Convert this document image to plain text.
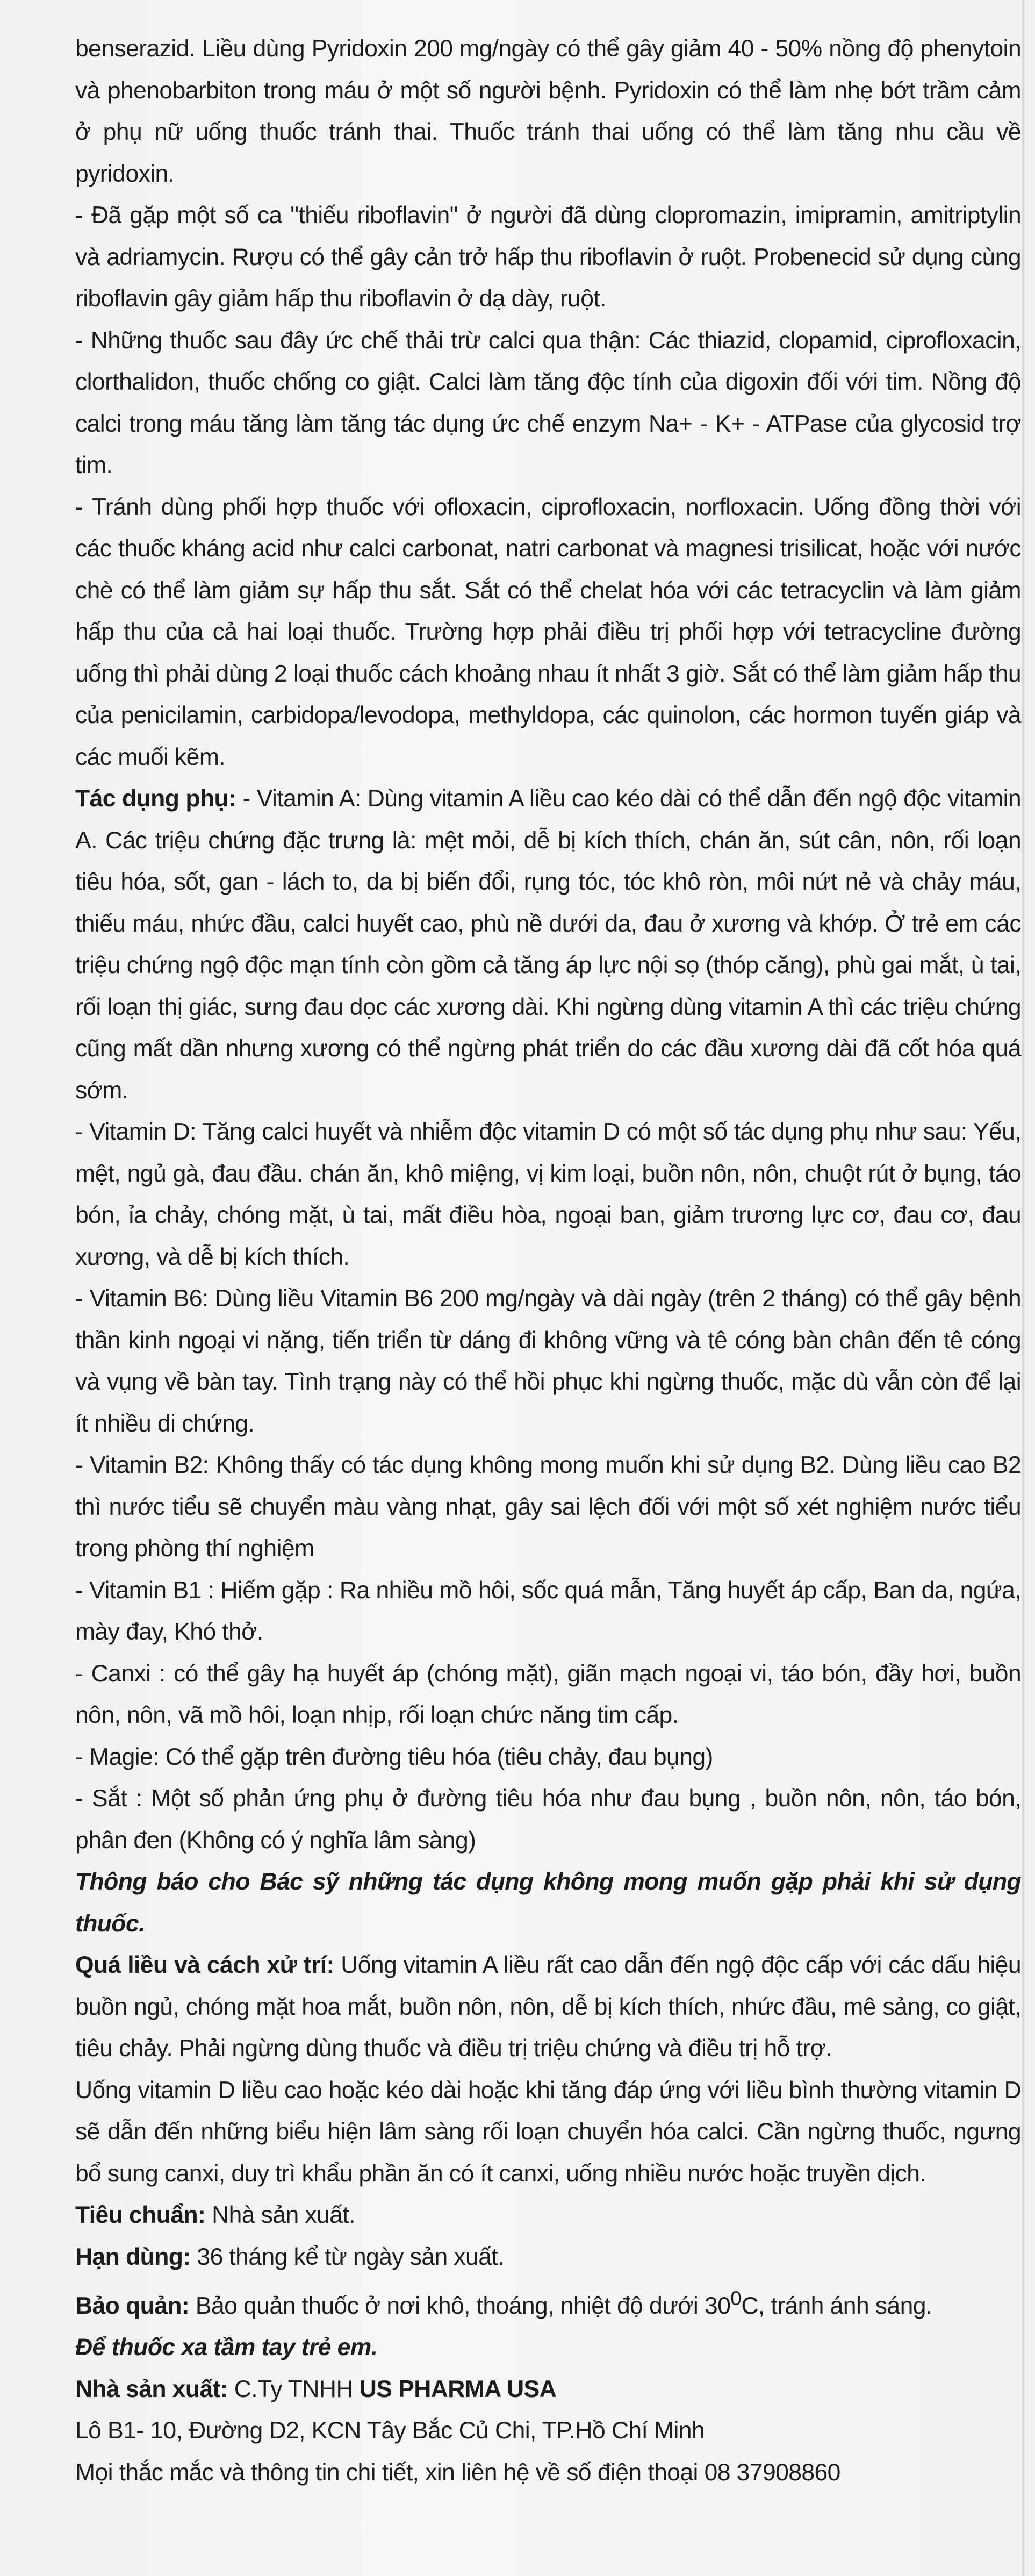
benserazid. Liều dùng Pyridoxin 200 mg/ngày có thể gây giảm 40 - 50% nồng độ phenytoin và phenobarbiton trong máu ở một số người bệnh. Pyridoxin có thể làm nhẹ bớt trầm cảm ở phụ nữ uống thuốc tránh thai. Thuốc tránh thai uống có thể làm tăng nhu cầu về pyridoxin.

- Đã gặp một số ca "thiếu riboflavin" ở người đã dùng clopromazin, imipramin, amitriptylin và adriamycin. Rượu có thể gây cản trở hấp thu riboflavin ở ruột. Probenecid sử dụng cùng riboflavin gây giảm hấp thu riboflavin ở dạ dày, ruột.

- Những thuốc sau đây ức chế thải trừ calci qua thận: Các thiazid, clopamid, ciprofloxacin, clorthalidon, thuốc chống co giật. Calci làm tăng độc tính của digoxin đối với tim. Nồng độ calci trong máu tăng làm tăng tác dụng ức chế enzym Na+ - K+ - ATPase của glycosid trợ tim.

- Tránh dùng phối hợp thuốc với ofloxacin, ciprofloxacin, norfloxacin. Uống đồng thời với các thuốc kháng acid như calci carbonat, natri carbonat và magnesi trisilicat, hoặc với nước chè có thể làm giảm sự hấp thu sắt. Sắt có thể chelat hóa với các tetracyclin và làm giảm hấp thu của cả hai loại thuốc. Trường hợp phải điều trị phối hợp với tetracycline đường uống thì phải dùng 2 loại thuốc cách khoảng nhau ít nhất 3 giờ. Sắt có thể làm giảm hấp thu của penicilamin, carbidopa/levodopa, methyldopa, các quinolon, các hormon tuyến giáp và các muối kẽm.

Tác dụng phụ: - Vitamin A: Dùng vitamin A liều cao kéo dài có thể dẫn đến ngộ độc vitamin A. Các triệu chứng đặc trưng là: mệt mỏi, dễ bị kích thích, chán ăn, sút cân, nôn, rối loạn tiêu hóa, sốt, gan - lách to, da bị biến đổi, rụng tóc, tóc khô ròn, môi nứt nẻ và chảy máu, thiếu máu, nhức đầu, calci huyết cao, phù nề dưới da, đau ở xương và khớp. Ở trẻ em các triệu chứng ngộ độc mạn tính còn gồm cả tăng áp lực nội sọ (thóp căng), phù gai mắt, ù tai, rối loạn thị giác, sưng đau dọc các xương dài. Khi ngừng dùng vitamin A thì các triệu chứng cũng mất dần nhưng xương có thể ngừng phát triển do các đầu xương dài đã cốt hóa quá sớm.

- Vitamin D: Tăng calci huyết và nhiễm độc vitamin D có một số tác dụng phụ như sau: Yếu, mệt, ngủ gà, đau đầu. chán ăn, khô miệng, vị kim loại, buồn nôn, nôn, chuột rút ở bụng, táo bón, ỉa chảy, chóng mặt, ù tai, mất điều hòa, ngoại ban, giảm trương lực cơ, đau cơ, đau xương, và dễ bị kích thích.

- Vitamin B6: Dùng liều Vitamin B6 200 mg/ngày và dài ngày (trên 2 tháng) có thể gây bệnh thần kinh ngoại vi nặng, tiến triển từ dáng đi không vững và tê cóng bàn chân đến tê cóng và vụng về bàn tay. Tình trạng này có thể hồi phục khi ngừng thuốc, mặc dù vẫn còn để lại ít nhiều di chứng.

- Vitamin B2: Không thấy có tác dụng không mong muốn khi sử dụng B2. Dùng liều cao B2 thì nước tiểu sẽ chuyển màu vàng nhạt, gây sai lệch đối với một số xét nghiệm nước tiểu trong phòng thí nghiệm

- Vitamin B1 : Hiếm gặp : Ra nhiều mồ hôi, sốc quá mẫn, Tăng huyết áp cấp, Ban da, ngứa, mày đay, Khó thở.

- Canxi : có thể gây hạ huyết áp (chóng mặt), giãn mạch ngoại vi, táo bón, đầy hơi, buồn nôn, nôn, vã mồ hôi, loạn nhịp, rối loạn chức năng tim cấp.

- Magie: Có thể gặp trên đường tiêu hóa (tiêu chảy, đau bụng)

- Sắt : Một số phản ứng phụ ở đường tiêu hóa như đau bụng , buồn nôn, nôn, táo bón, phân đen (Không có ý nghĩa lâm sàng)

Thông báo cho Bác sỹ những tác dụng không mong muốn gặp phải khi sử dụng thuốc.

Quá liều và cách xử trí: Uống vitamin A liều rất cao dẫn đến ngộ độc cấp với các dấu hiệu buồn ngủ, chóng mặt hoa mắt, buồn nôn, nôn, dễ bị kích thích, nhức đầu, mê sảng, co giật, tiêu chảy. Phải ngừng dùng thuốc và điều trị triệu chứng và điều trị hỗ trợ.

Uống vitamin D liều cao hoặc kéo dài hoặc khi tăng đáp ứng với liều bình thường vitamin D sẽ dẫn đến những biểu hiện lâm sàng rối loạn chuyển hóa calci. Cần ngừng thuốc, ngưng bổ sung canxi, duy trì khẩu phần ăn có ít canxi, uống nhiều nước hoặc truyền dịch.

Tiêu chuẩn: Nhà sản xuất.

Hạn dùng: 36 tháng kể từ ngày sản xuất.

Bảo quản: Bảo quản thuốc ở nơi khô, thoáng, nhiệt độ dưới $30^0C$, tránh ánh sáng.

Để thuốc xa tầm tay trẻ em.

Nhà sản xuất: C.Ty TNHH US PHARMA USA

Lô B1- 10, Đường D2, KCN Tây Bắc Củ Chi, TP.Hồ Chí Minh

Mọi thắc mắc và thông tin chi tiết, xin liên hệ về số điện thoại 08 37908860
